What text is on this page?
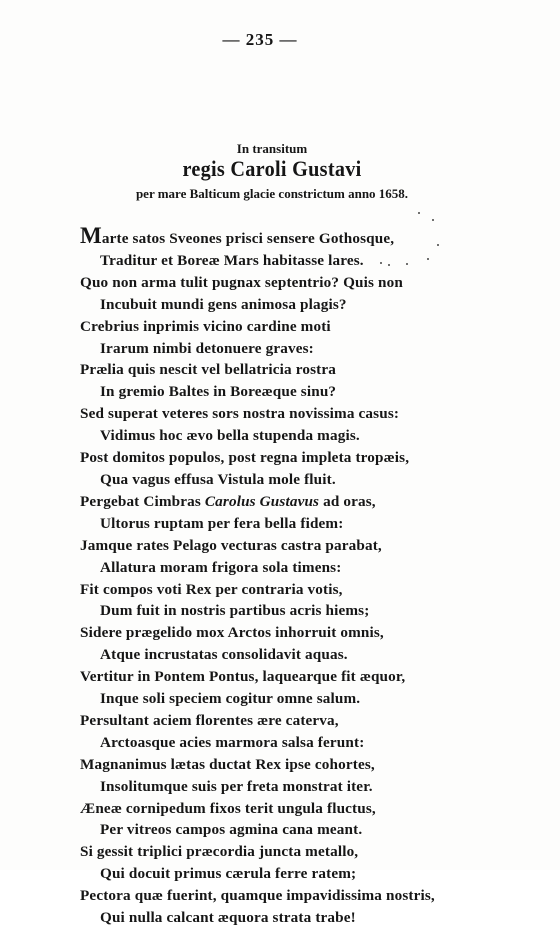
— 235 —
In transitum
regis Caroli Gustavi
per mare Balticum glacie constrictum anno 1658.
Marte satos Sveones prisci sensere Gothosque,
Traditur et Boreæ Mars habitasse lares.
Quo non arma tulit pugnax septentrio? Quis non
Incubuit mundi gens animosa plagis?
Crebrius inprimis vicino cardine moti
Irarum nimbi detonuere graves:
Prælia quis nescit vel bellatricia rostra
In gremio Baltes in Boreæque sinu?
Sed superat veteres sors nostra novissima casus:
Vidimus hoc ævo bella stupenda magis.
Post domitos populos, post regna impleta tropæis,
Qua vagus effusa Vistula mole fluit.
Pergebat Cimbras Carolus Gustavus ad oras,
Ultorus ruptam per fera bella fidem:
Jamque rates Pelago vecturas castra parabat,
Allatura moram frigora sola timens:
Fit compos voti Rex per contraria votis,
Dum fuit in nostris partibus acris hiems;
Sidere prægelido mox Arctos inhorruit omnis,
Atque incrustatas consolidavit aquas.
Vertitur in Pontem Pontus, laquearque fit æquor,
Inque soli speciem cogitur omne salum.
Persultant aciem florentes ære caterva,
Arctoasque acies marmora salsa ferunt:
Magnanimus lætas ductat Rex ipse cohortes,
Insolitumque suis per freta monstrat iter.
Æneæ cornipedum fixos terit ungula fluctus,
Per vitreos campos agmina cana meant.
Si gessit triplici præcordia juncta metallo,
Qui docuit primus cærula ferre ratem;
Pectora quæ fuerint, quamque impavidissima nostris,
Qui nulla calcant æquora strata trabe!
